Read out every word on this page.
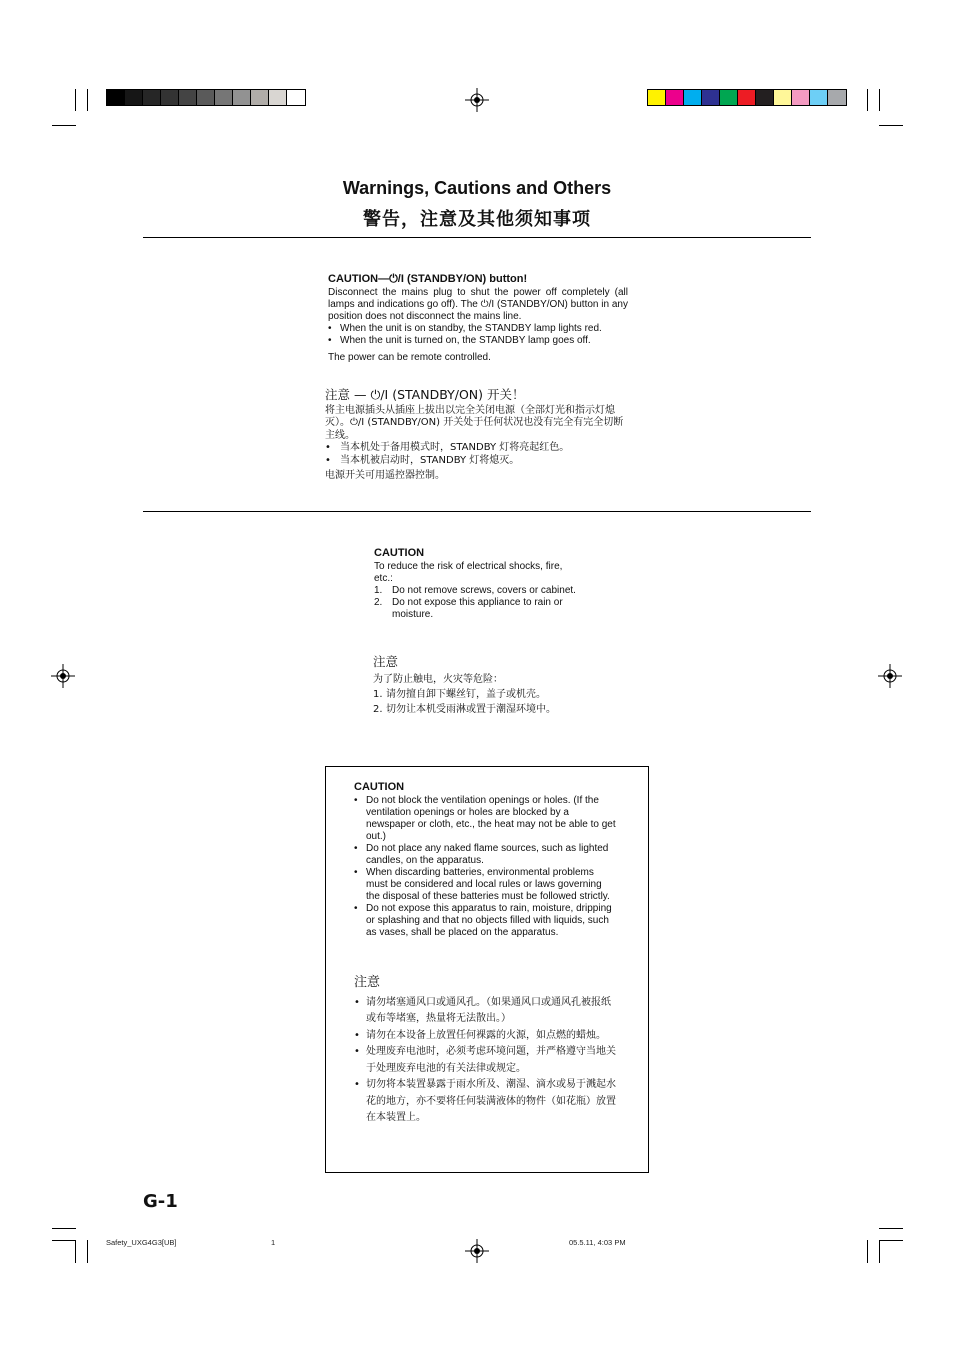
Warnings, Cautions and Others
警告，注意及其他须知事项
CAUTION—⏻/I (STANDBY/ON) button!

Disconnect the mains plug to shut the power off completely (all lamps and indications go off). The ⏻/I (STANDBY/ON) button in any position does not disconnect the mains line.

• When the unit is on standby, the STANDBY lamp lights red.
• When the unit is turned on, the STANDBY lamp goes off.

The power can be remote controlled.

注意 — ⏻/I (STANDBY/ON) 开关！

将主电源插头从插座上拔出以完全关闭电源（全部灯光和指示灯熄灭）。⏻/I (STANDBY/ON) 开关处于任何状况也没有完全有完全切断主线。

• 当本机处于备用模式时，STANDBY 灯将亮起红色。
• 当本机被启动时，STANDBY 灯将熄灭。

电源开关可用遥控器控制。

CAUTION

To reduce the risk of electrical shocks, fire, etc.:

1. Do not remove screws, covers or cabinet.
2. Do not expose this appliance to rain or moisture.
注意

为了防止触电，火灾等危险：

1. 请勿擅自卸下螺丝钉，盖子或机壳。
2. 切勿让本机受雨淋或置于潮湿环境中。
CAUTION
• Do not block the ventilation openings or holes. (If the ventilation openings or holes are blocked by a newspaper or cloth, etc., the heat may not be able to get out.)
• Do not place any naked flame sources, such as lighted candles, on the apparatus.
• When discarding batteries, environmental problems must be considered and local rules or laws governing the disposal of these batteries must be followed strictly.
• Do not expose this apparatus to rain, moisture, dripping or splashing and that no objects filled with liquids, such as vases, shall be placed on the apparatus.
注意
• 请勿堵塞通风口或通风孔。（如果通风口或通风孔被报纸或布等堵塞，热量将无法散出。）
• 请勿在本设备上放置任何裸露的火源，如点燃的蜡烛。
• 处理废弃电池时，必须考虑环境问题，并严格遵守当地关于处理废弃电池的有关法律或规定。
• 切勿将本装置暴露于雨水所及、潮湿、滴水或易于溅起水花的地方，亦不要将任何装满液体的物件（如花瓶）放置在本装置上。
G-1
Safety_UXG4G3[UB]	1	05.5.11, 4:03 PM
